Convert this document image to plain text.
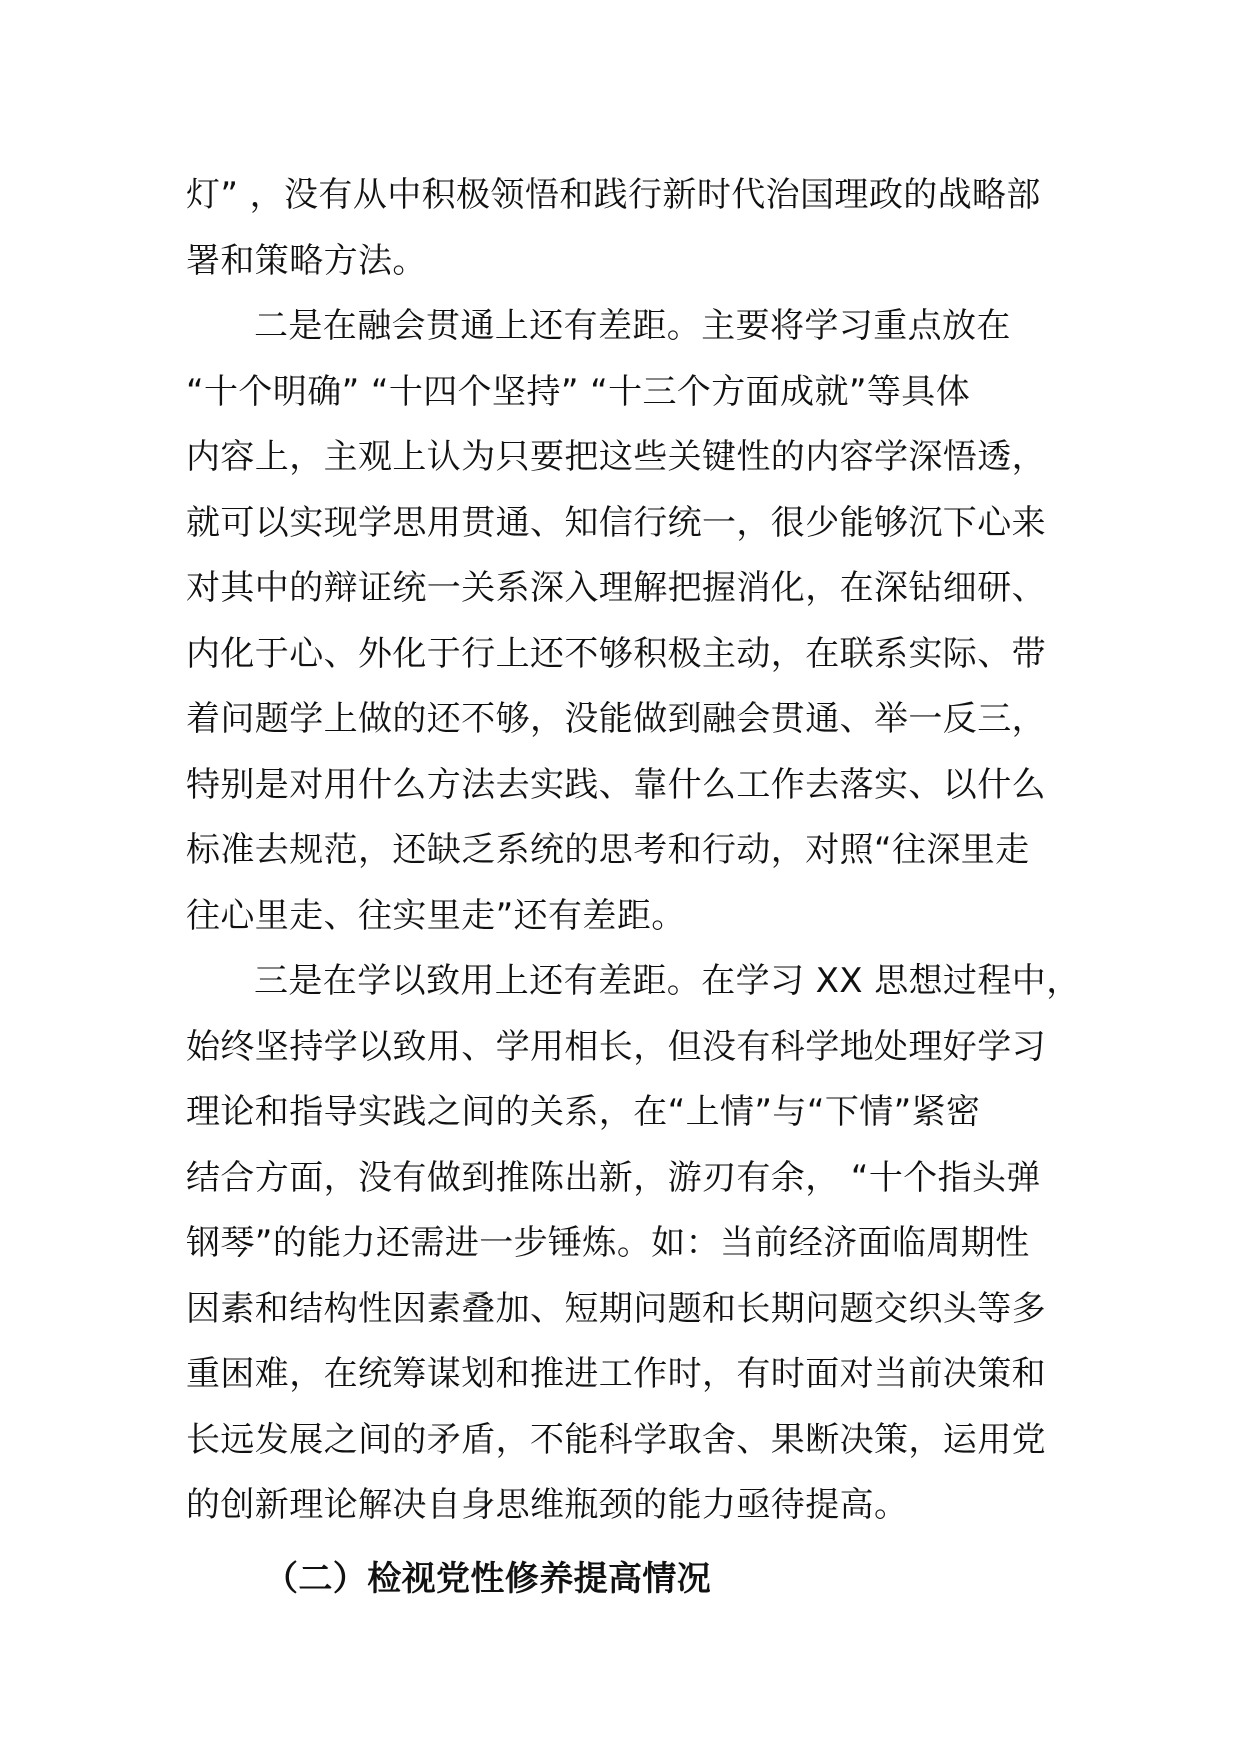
灯” ，没有从中积极领悟和践行新时代治国理政的战略部
署和策略方法。
二是在融会贯通上还有差距。主要将学习重点放在
“十个明确” “十四个坚持” “十三个方面成就”等具体
内容上，主观上认为只要把这些关键性的内容学深悟透，
就可以实现学思用贯通、知信行统一，很少能够沉下心来
对其中的辩证统一关系深入理解把握消化，在深钻细研、
内化于心、外化于行上还不够积极主动，在联系实际、带
着问题学上做的还不够，没能做到融会贯通、举一反三，
特别是对用什么方法去实践、靠什么工作去落实、以什么
标准去规范，还缺乏系统的思考和行动，对照“往深里走
往心里走、往实里走”还有差距。
三是在学以致用上还有差距。在学习 XX 思想过程中，
始终坚持学以致用、学用相长，但没有科学地处理好学习
理论和指导实践之间的关系，在“上情”与“下情”紧密
结合方面，没有做到推陈出新，游刃有余， “十个指头弹
钢琴”的能力还需进一步锤炼。如：当前经济面临周期性
因素和结构性因素叠加、短期问题和长期问题交织头等多
重困难，在统筹谋划和推进工作时，有时面对当前决策和
长远发展之间的矛盾，不能科学取舍、果断决策，运用党
的创新理论解决自身思维瓶颈的能力亟待提高。
（二）检视党性修养提高情况
